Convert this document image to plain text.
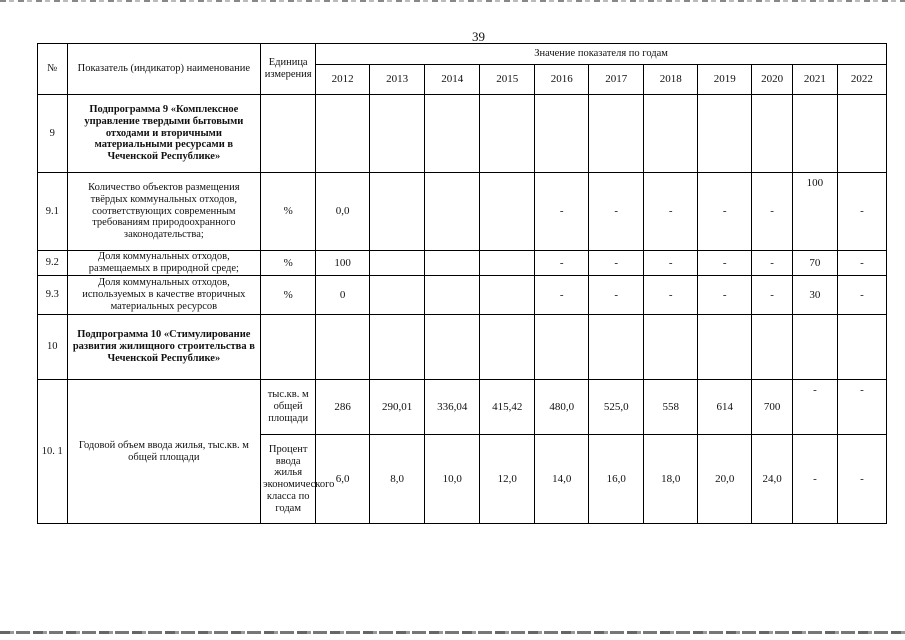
39
№	Показатель (индикатор) наименование	Единица измерения	Значение показателя по годам										
			2012	2013	2014	2015	2016	2017	2018	2019	2020	2021	2022
9	Подпрограмма 9 «Комплексное управление твердыми бытовыми отходами и вторичными материальными ресурсами в Чеченской Республике»												
9.1	Количество объектов размещения твёрдых коммунальных отходов, соответствующих современным требованиям природоохранного законодательства;	%	0,0				-	-	-	-	-	100	-
9.2	Доля коммунальных отходов, размещаемых в природной среде;	%	100				-	-	-	-	-	70	-
9.3	Доля коммунальных отходов, используемых в качестве вторичных материальных ресурсов	%	0				-	-	-	-	-	30	-
10	Подпрограмма 10 «Стимулирование развития жилищного строительства в Чеченской Республике»												
10. 1	Годовой объем ввода жилья, тыс.кв. м общей площади	тыс.кв. м общей площади	286	290,01	336,04	415,42	480,0	525,0	558	614	700	-	-
		Процент ввода жилья экономического класса по годам	6,0	8,0	10,0	12,0	14,0	16,0	18,0	20,0	24,0	-	-
